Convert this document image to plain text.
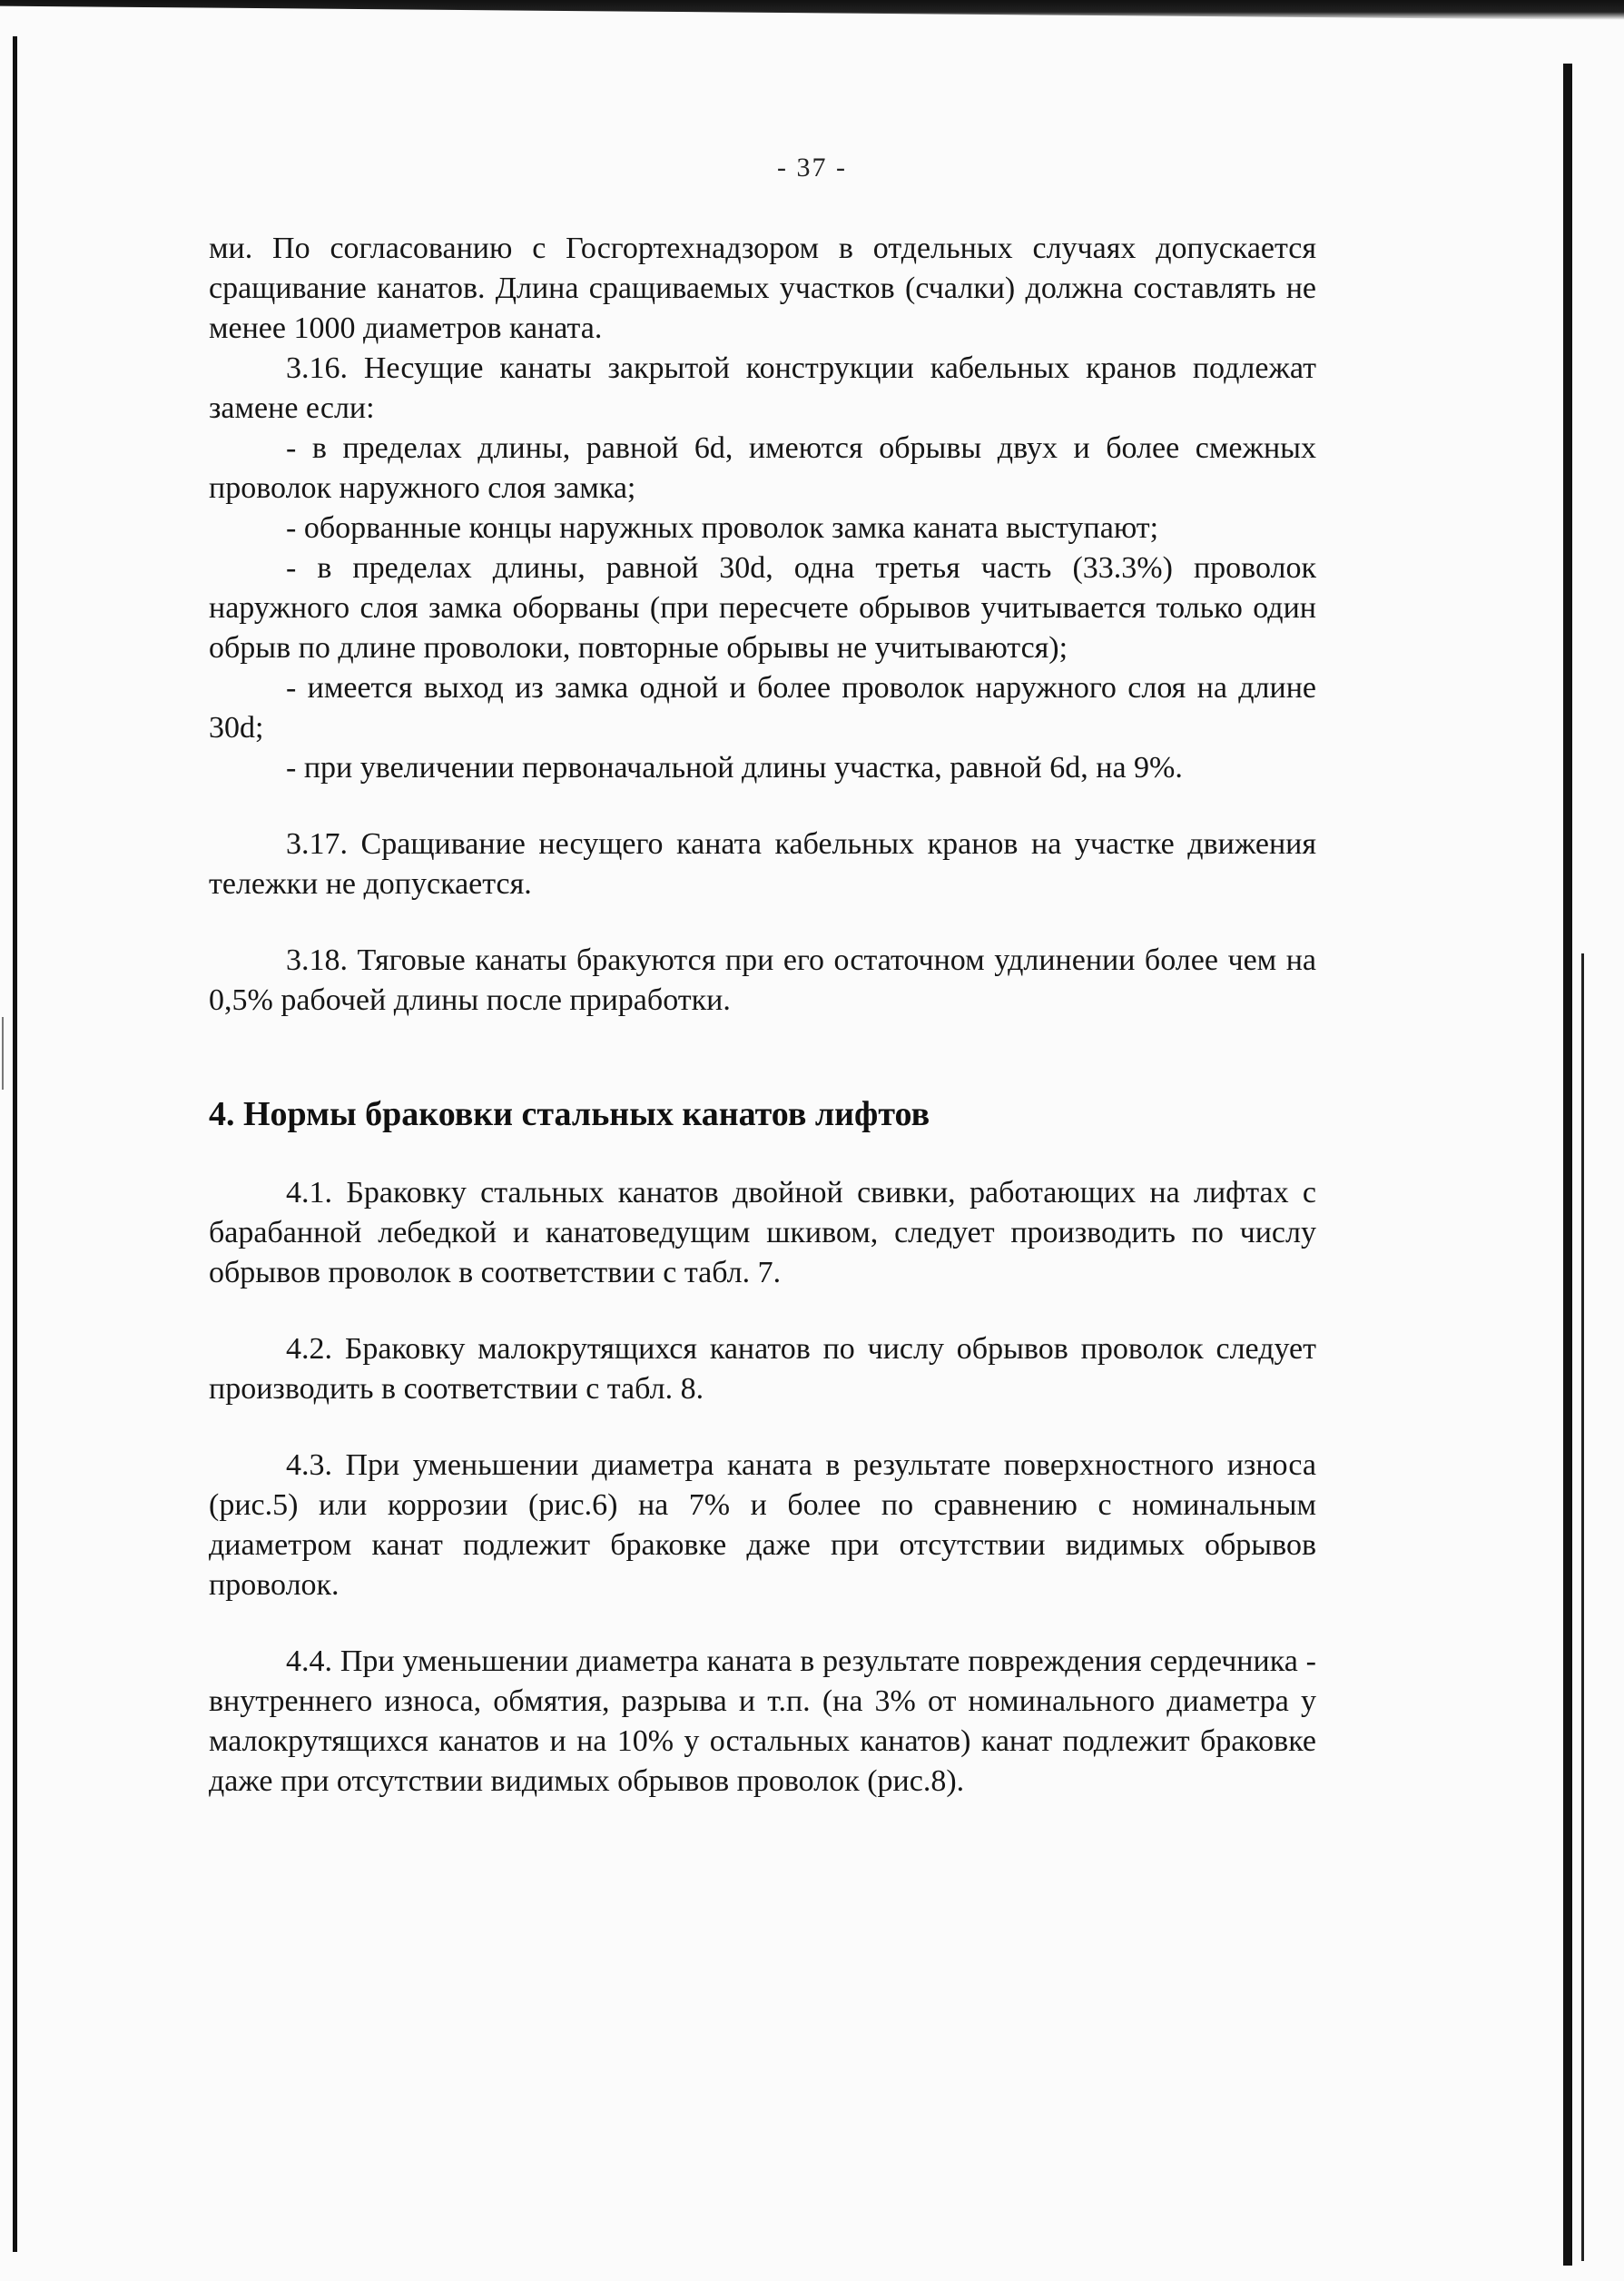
- 37 -

ми. По согласованию с Госгортехнадзором в отдельных случаях допускается сращивание канатов. Длина сращиваемых участков (счалки) должна составлять не менее 1000 диаметров каната.

3.16. Несущие канаты закрытой конструкции кабельных кранов подлежат замене если:

- в пределах длины, равной 6d, имеются обрывы двух и более смежных проволок наружного слоя замка;

- оборванные концы наружных проволок замка каната выступают;

- в пределах длины, равной 30d, одна третья часть (33.3%) проволок наружного слоя замка оборваны (при пересчете обрывов учитывается только один обрыв по длине проволоки, повторные обрывы не учитываются);

- имеется выход из замка одной и более проволок наружного слоя на длине 30d;

- при увеличении первоначальной длины участка, равной 6d, на 9%.

3.17. Сращивание несущего каната кабельных кранов на участке движения тележки не допускается.

3.18. Тяговые канаты бракуются при его остаточном удлинении более чем на 0,5% рабочей длины после приработки.

4. Нормы браковки стальных канатов лифтов

4.1. Браковку стальных канатов двойной свивки, работающих на лифтах с барабанной лебедкой и канатоведущим шкивом, следует производить по числу обрывов проволок в соответствии с табл. 7.

4.2. Браковку малокрутящихся канатов по числу обрывов проволок следует производить в соответствии с табл. 8.

4.3. При уменьшении диаметра каната в результате поверхностного износа (рис.5) или коррозии (рис.6) на 7% и более по сравнению с номинальным диаметром канат подлежит браковке даже при отсутствии видимых обрывов проволок.

4.4. При уменьшении диаметра каната в результате повреждения сердечника - внутреннего износа, обмятия, разрыва и т.п. (на 3% от номинального диаметра у малокрутящихся канатов и на 10% у остальных канатов) канат подлежит браковке даже при отсутствии видимых обрывов проволок (рис.8).
